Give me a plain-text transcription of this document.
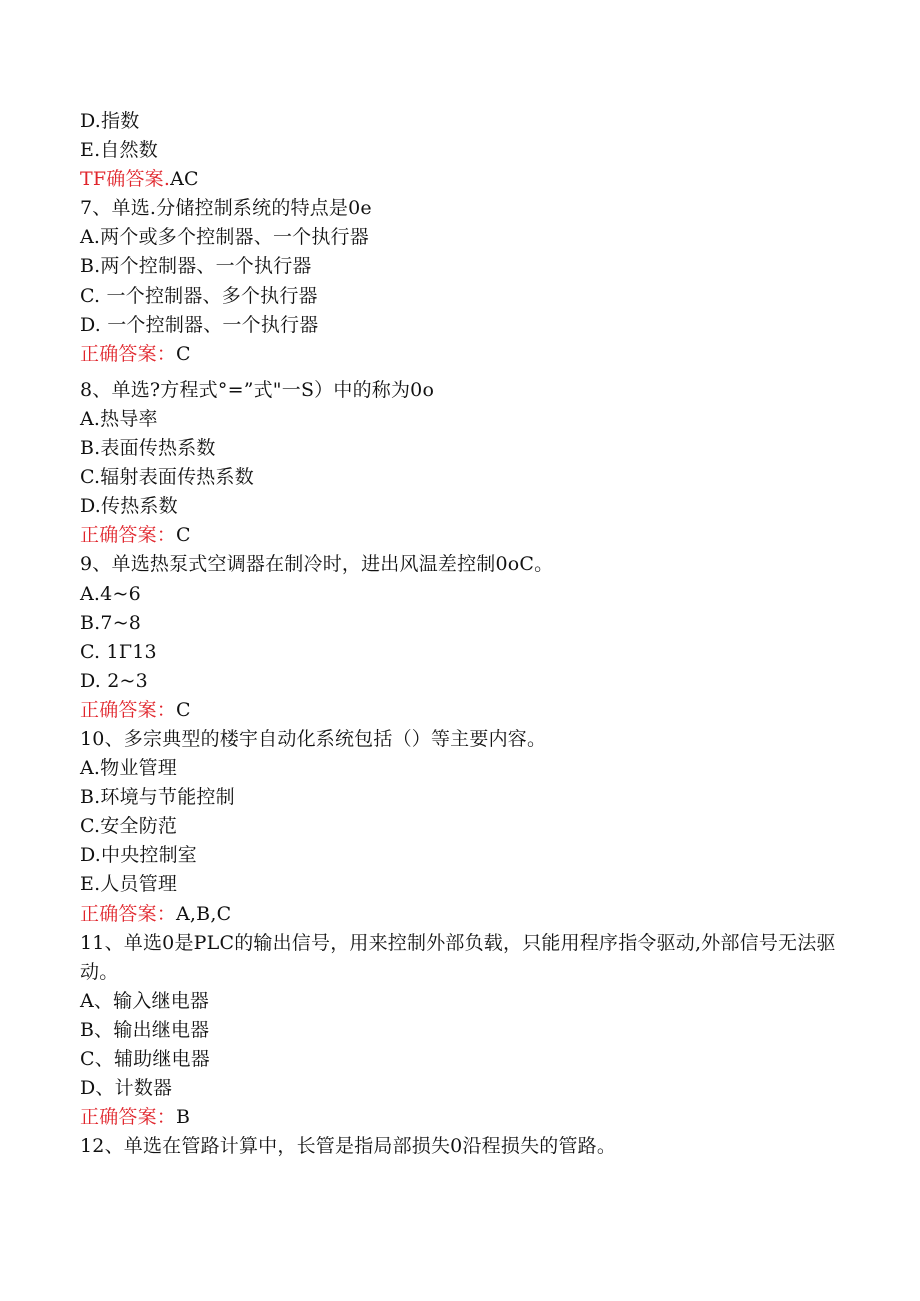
D.指数
E.自然数
TF确答案.AC
7、单选.分储控制系统的特点是0e
A.两个或多个控制器、一个执行器
B.两个控制器、一个执行器
C. 一个控制器、多个执行器
D. 一个控制器、一个执行器
正确答案：C
8、单选?方程式°=”式"一S）中的称为0o
A.热导率
B.表面传热系数
C.辐射表面传热系数
D.传热系数
正确答案：C
9、单选热泵式空调器在制冷时，进出风温差控制0oC。
A.4~6
B.7~8
C. 1Γ13
D. 2~3
正确答案：C
10、多宗典型的楼宇自动化系统包括（）等主要内容。
A.物业管理
B.环境与节能控制
C.安全防范
D.中央控制室
E.人员管理
正确答案：A,B,C
11、单选0是PLC的输出信号，用来控制外部负载，只能用程序指令驱动,外部信号无法驱动。
A、输入继电器
B、输出继电器
C、辅助继电器
D、计数器
正确答案：B
12、单选在管路计算中，长管是指局部损失0沿程损失的管路。
